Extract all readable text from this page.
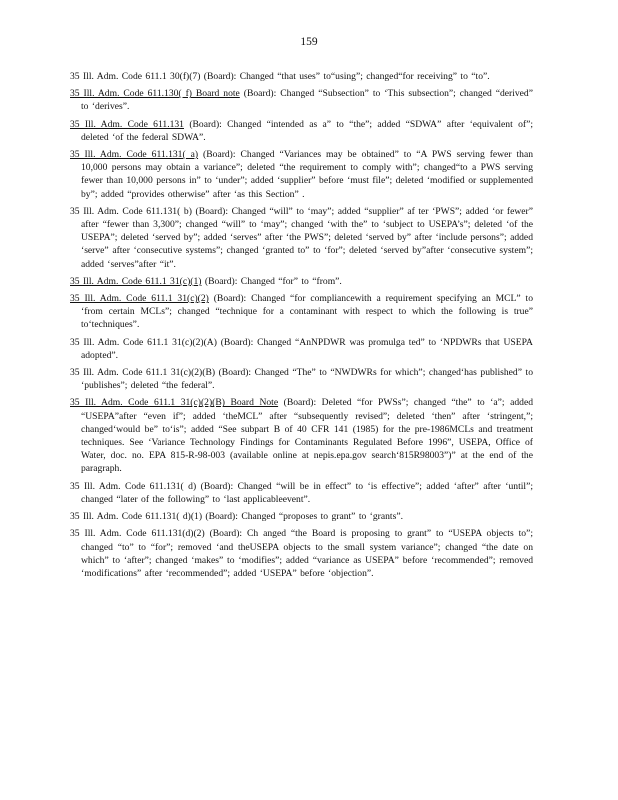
159

35 Ill. Adm. Code 611.1 30(f)(7) (Board): Changed “that uses” to“using”; changed“for receiving” to “to”.

35 Ill. Adm. Code 611.130( f) Board note (Board): Changed “Subsection” to ‘This subsection”; changed “derived” to ‘derives”.

35 Ill. Adm. Code 611.131 (Board): Changed “intended as a” to “the”; added “SDWA” after ‘equivalent of”; deleted ‘of the federal SDWA”.

35 Ill. Adm. Code 611.131( a) (Board): Changed “Variances may be obtained” to “A PWS serving fewer than 10,000 persons may obtain a variance”; deleted “the requirement to comply with”; changed“to a PWS serving fewer than 10,000 persons in” to ‘under”; added ‘supplier” before ‘must file”; deleted ‘modified or supplemented by”; added “provides otherwise” after ‘as this Section” .

35 Ill. Adm. Code 611.131( b) (Board): Changed “will” to ‘may”; added “supplier” af ter ‘PWS”; added ‘or fewer” after “fewer than 3,300”; changed “will” to ‘may”; changed ‘with the” to ‘subject to USEPA’s”; deleted ‘of the USEPA”; deleted ‘served by”; added ‘serves” after ‘the PWS”; deleted ‘served by” after ‘include persons”; added ‘serve” after ‘consecutive systems”; changed ‘granted to” to ‘for”; deleted ‘served by”after ‘consecutive system”; added ‘serves”after “it”.

35 Ill. Adm. Code 611.1 31(c)(1) (Board): Changed “for” to “from”.

35 Ill. Adm. Code 611.1 31(c)(2) (Board): Changed “for compliancewith a requirement specifying an MCL” to ‘from certain MCLs”; changed “technique for a contaminant with respect to which the following is true” to‘techniques”.

35 Ill. Adm. Code 611.1 31(c)(2)(A) (Board): Changed “AnNPDWR was promulga ted” to ‘NPDWRs that USEPA adopted”.

35 Ill. Adm. Code 611.1 31(c)(2)(B) (Board): Changed “The” to “NWDWRs for which”; changed‘has published” to ‘publishes”; deleted “the federal”.

35 Ill. Adm. Code 611.1 31(c)(2)(B) Board Note (Board): Deleted “for PWSs”; changed “the” to ‘a”; added “USEPA”after “even if”; added ‘theMCL” after “subsequently revised”; deleted ‘then” after ‘stringent,”; changed‘would be” to‘is”; added “See subpart B of 40 CFR 141 (1985) for the pre-1986MCLs and treatment techniques. See ‘Variance Technology Findings for Contaminants Regulated Before 1996”, USEPA, Office of Water, doc. no. EPA 815-R-98-003 (available online at nepis.epa.gov search‘815R98003”)” at the end of the paragraph.

35 Ill. Adm. Code 611.131( d) (Board): Changed “will be in effect” to ‘is effective”; added ‘after” after ‘until”; changed “later of the following” to ‘last applicableevent”.

35 Ill. Adm. Code 611.131( d)(1) (Board): Changed “proposes to grant” to ‘grants”.

35 Ill. Adm. Code 611.131(d)(2) (Board): Ch anged “the Board is proposing to grant” to “USEPA objects to”; changed “to” to “for”; removed ‘and theUSEPA objects to the small system variance”; changed “the date on which” to ‘after”; changed ‘makes” to ‘modifies”; added “variance as USEPA” before ‘recommended”; removed ‘modifications” after ‘recommended”; added ‘USEPA” before ‘objection”.
